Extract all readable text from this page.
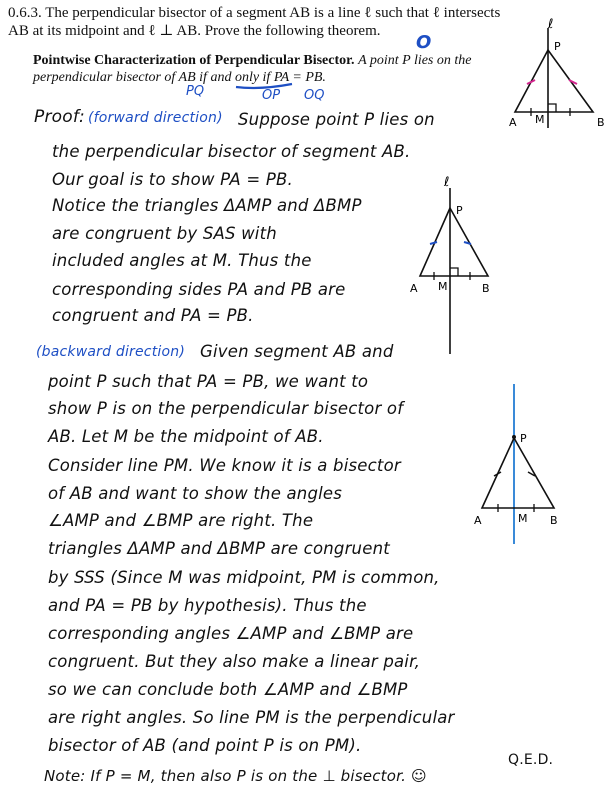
0.6.3. The perpendicular bisector of a segment AB is a line ℓ such that ℓ intersects AB at its midpoint and ℓ ⊥ AB. Prove the following theorem.
Pointwise Characterization of Perpendicular Bisector. A point P lies on the perpendicular bisector of AB if and only if PA = PB.
O
PQ	OP OQ
Proof: (forward direction) Suppose point P lies on
the perpendicular bisector of segment AB.
Our goal is to show PA = PB.
Notice the triangles ΔAMP and ΔBMP
are congruent by SAS with
included angles at M. Thus the
corresponding sides PA and PB are
congruent and PA = PB.
(backward direction) Given segment AB and
point P such that PA = PB, we want to
show P is on the perpendicular bisector of
AB. Let M be the midpoint of AB.
Consider line PM. We know it is a bisector
of AB and want to show the angles
∠AMP and ∠BMP are right. The
triangles ΔAMP and ΔBMP are congruent
by SSS (Since M was midpoint, PM is common,
and PA = PB by hypothesis). Thus the
corresponding angles ∠AMP and ∠BMP are
congruent. But they also make a linear pair,
so we can conclude both ∠AMP and ∠BMP
are right angles. So line PM is the perpendicular
bisector of AB (and point P is on PM).
Q.E.D.
Note: If P = M, then also P is on the ⊥ bisector. ☺
ℓ
P
A M	B
ℓ
P
A M	B
P
A	M B
